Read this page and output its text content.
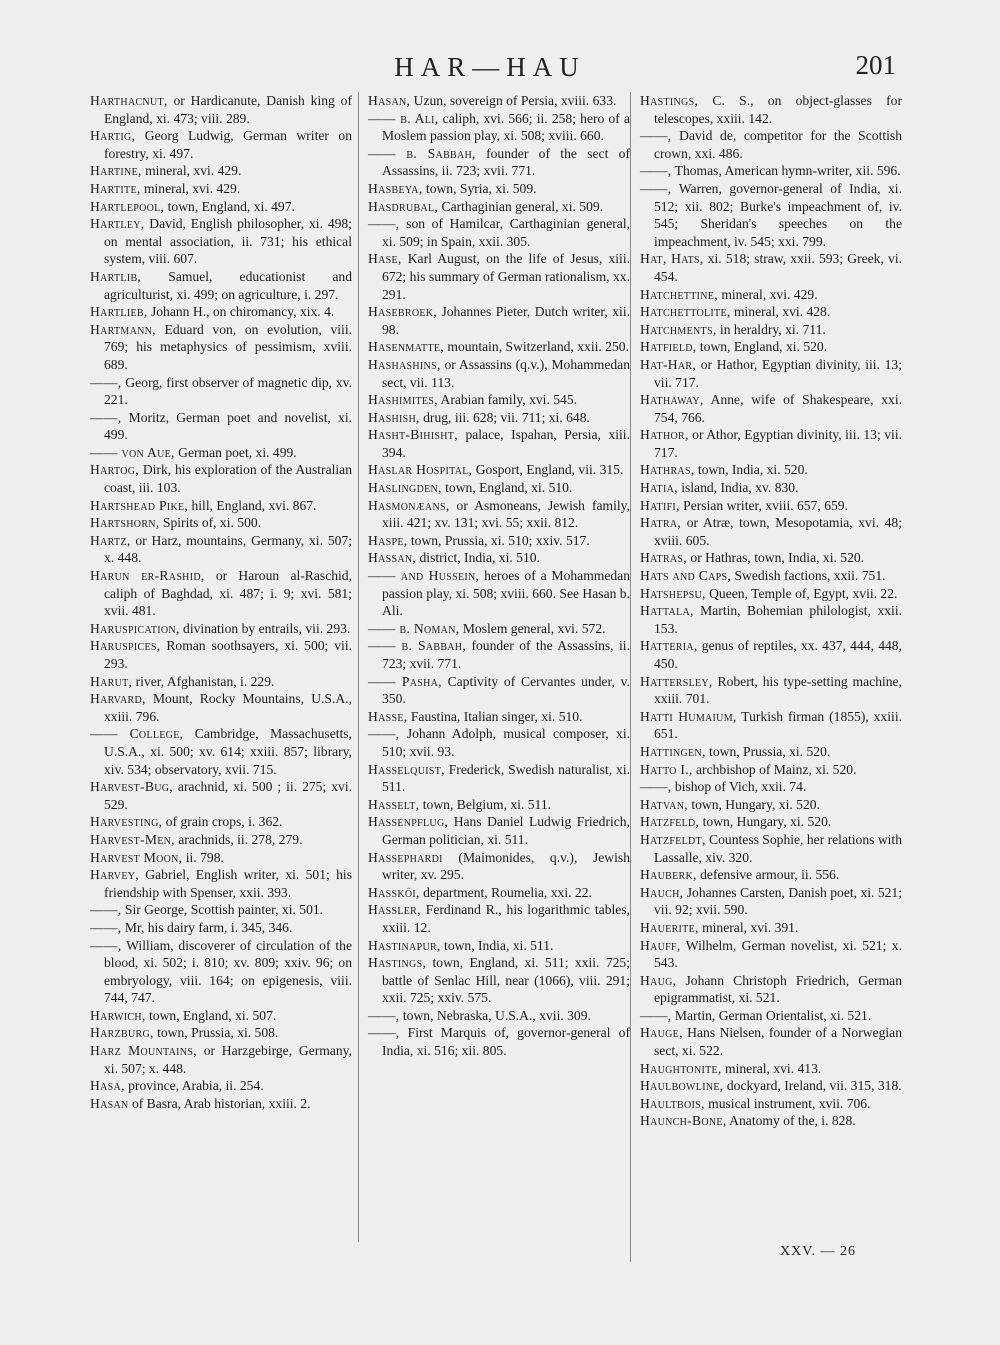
HAR—HAU	201

Harthacnut, or Hardicanute, Danish king of England, xi. 473; viii. 289.

Hartig, Georg Ludwig, German writer on forestry, xi. 497.

Hartine, mineral, xvi. 429.

Hartite, mineral, xvi. 429.

Hartlepool, town, England, xi. 497.

Hartley, David, English philosopher, xi. 498; on mental association, ii. 731; his ethical system, viii. 607.

Hartlib, Samuel, educationist and agriculturist, xi. 499; on agriculture, i. 297.

Hartlieb, Johann H., on chiromancy, xix. 4.

Hartmann, Eduard von, on evolution, viii. 769; his metaphysics of pessimism, xviii. 689.

——, Georg, first observer of magnetic dip, xv. 221.

——, Moritz, German poet and novelist, xi. 499.

—— von Aue, German poet, xi. 499.

Hartog, Dirk, his exploration of the Australian coast, iii. 103.

Hartshead Pike, hill, England, xvi. 867.

Hartshorn, Spirits of, xi. 500.

Hartz, or Harz, mountains, Germany, xi. 507; x. 448.

Harun er-Rashid, or Haroun al-Raschid, caliph of Baghdad, xi. 487; i. 9; xvi. 581; xvii. 481.

Haruspication, divination by entrails, vii. 293.

Haruspices, Roman soothsayers, xi. 500; vii. 293.

Harut, river, Afghanistan, i. 229.

Harvard, Mount, Rocky Mountains, U.S.A., xxiii. 796.

—— College, Cambridge, Massachusetts, U.S.A., xi. 500; xv. 614; xxiii. 857; library, xiv. 534; observatory, xvii. 715.

Harvest-Bug, arachnid, xi. 500 ; ii. 275; xvi. 529.

Harvesting, of grain crops, i. 362.

Harvest-Men, arachnids, ii. 278, 279.

Harvest Moon, ii. 798.

Harvey, Gabriel, English writer, xi. 501; his friendship with Spenser, xxii. 393.

——, Sir George, Scottish painter, xi. 501.

——, Mr, his dairy farm, i. 345, 346.

——, William, discoverer of circulation of the blood, xi. 502; i. 810; xv. 809; xxiv. 96; on embryology, viii. 164; on epigenesis, viii. 744, 747.

Harwich, town, England, xi. 507.

Harzburg, town, Prussia, xi. 508.

Harz Mountains, or Harzgebirge, Germany, xi. 507; x. 448.

Hasa, province, Arabia, ii. 254.

Hasan of Basra, Arab historian, xxiii. 2.

Hasan, Uzun, sovereign of Persia, xviii. 633.

—— b. Ali, caliph, xvi. 566; ii. 258; hero of a Moslem passion play, xi. 508; xviii. 660.

—— b. Sabbah, founder of the sect of Assassins, ii. 723; xvii. 771.

Hasbeya, town, Syria, xi. 509.

Hasdrubal, Carthaginian general, xi. 509.

——, son of Hamilcar, Carthaginian general, xi. 509; in Spain, xxii. 305.

Hase, Karl August, on the life of Jesus, xiii. 672; his summary of German rationalism, xx. 291.

Hasebroek, Johannes Pieter, Dutch writer, xii. 98.

Hasenmatte, mountain, Switzerland, xxii. 250.

Hashashins, or Assassins (q.v.), Mohammedan sect, vii. 113.

Hashimites, Arabian family, xvi. 545.

Hashish, drug, iii. 628; vii. 711; xi. 648.

Hasht-Bihisht, palace, Ispahan, Persia, xiii. 394.

Haslar Hospital, Gosport, England, vii. 315.

Haslingden, town, England, xi. 510.

Hasmonæans, or Asmoneans, Jewish family, xiii. 421; xv. 131; xvi. 55; xxii. 812.

Haspe, town, Prussia, xi. 510; xxiv. 517.

Hassan, district, India, xi. 510.

—— and Hussein, heroes of a Mohammedan passion play, xi. 508; xviii. 660. See Hasan b. Ali.

—— b. Noman, Moslem general, xvi. 572.

—— b. Sabbah, founder of the Assassins, ii. 723; xvii. 771.

—— Pasha, Captivity of Cervantes under, v. 350.

Hasse, Faustina, Italian singer, xi. 510.

——, Johann Adolph, musical composer, xi. 510; xvii. 93.

Hasselquist, Frederick, Swedish naturalist, xi. 511.

Hasselt, town, Belgium, xi. 511.

Hassenpflug, Hans Daniel Ludwig Friedrich, German politician, xi. 511.

Hassephardi (Maimonides, q.v.), Jewish writer, xv. 295.

Hasskői, department, Roumelia, xxi. 22.

Hassler, Ferdinand R., his logarithmic tables, xxiii. 12.

Hastinapur, town, India, xi. 511.

Hastings, town, England, xi. 511; xxii. 725; battle of Senlac Hill, near (1066), viii. 291; xxii. 725; xxiv. 575.

——, town, Nebraska, U.S.A., xvii. 309.

——, First Marquis of, governor-general of India, xi. 516; xii. 805.

Hastings, C. S., on object-glasses for telescopes, xxiii. 142.

——, David de, competitor for the Scottish crown, xxi. 486.

——, Thomas, American hymn-writer, xii. 596.

——, Warren, governor-general of India, xi. 512; xii. 802; Burke's impeachment of, iv. 545; Sheridan's speeches on the impeachment, iv. 545; xxi. 799.

Hat, Hats, xi. 518; straw, xxii. 593; Greek, vi. 454.

Hatchettine, mineral, xvi. 429.

Hatchettolite, mineral, xvi. 428.

Hatchments, in heraldry, xi. 711.

Hatfield, town, England, xi. 520.

Hat-Har, or Hathor, Egyptian divinity, iii. 13; vii. 717.

Hathaway, Anne, wife of Shakespeare, xxi. 754, 766.

Hathor, or Athor, Egyptian divinity, iii. 13; vii. 717.

Hathras, town, India, xi. 520.

Hatia, island, India, xv. 830.

Hatifi, Persian writer, xviii. 657, 659.

Hatra, or Atræ, town, Mesopotamia, xvi. 48; xviii. 605.

Hatras, or Hathras, town, India, xi. 520.

Hats and Caps, Swedish factions, xxii. 751.

Hatshepsu, Queen, Temple of, Egypt, xvii. 22.

Hattala, Martin, Bohemian philologist, xxii. 153.

Hatteria, genus of reptiles, xx. 437, 444, 448, 450.

Hattersley, Robert, his type-setting machine, xxiii. 701.

Hatti Humaium, Turkish firman (1855), xxiii. 651.

Hattingen, town, Prussia, xi. 520.

Hatto I., archbishop of Mainz, xi. 520.

——, bishop of Vich, xxii. 74.

Hatvan, town, Hungary, xi. 520.

Hatzfeld, town, Hungary, xi. 520.

Hatzfeldt, Countess Sophie, her relations with Lassalle, xiv. 320.

Hauberk, defensive armour, ii. 556.

Hauch, Johannes Carsten, Danish poet, xi. 521; vii. 92; xvii. 590.

Hauerite, mineral, xvi. 391.

Hauff, Wilhelm, German novelist, xi. 521; x. 543.

Haug, Johann Christoph Friedrich, German epigrammatist, xi. 521.

——, Martin, German Orientalist, xi. 521.

Hauge, Hans Nielsen, founder of a Norwegian sect, xi. 522.

Haughtonite, mineral, xvi. 413.

Haulbowline, dockyard, Ireland, vii. 315, 318.

Haultbois, musical instrument, xvii. 706.

Haunch-Bone, Anatomy of the, i. 828.

XXV. — 26
